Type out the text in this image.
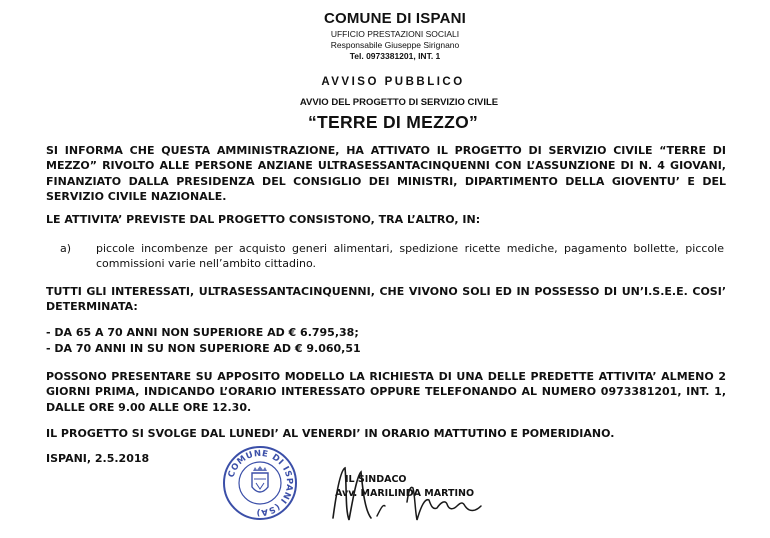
COMUNE DI ISPANI
UFFICIO PRESTAZIONI SOCIALI
Responsabile Giuseppe Sirignano
Tel. 0973381201, INT. 1
AVVISO PUBBLICO
AVVIO DEL PROGETTO DI SERVIZIO CIVILE
“TERRE DI MEZZO”
SI INFORMA CHE QUESTA AMMINISTRAZIONE, HA ATTIVATO IL PROGETTO DI SERVIZIO CIVILE “TERRE DI MEZZO” RIVOLTO ALLE PERSONE ANZIANE ULTRASESSANTACINQUENNI CON L’ASSUNZIONE DI N. 4 GIOVANI, FINANZIATO DALLA PRESIDENZA DEL CONSIGLIO DEI MINISTRI, DIPARTIMENTO DELLA GIOVENTU’ E DEL SERVIZIO CIVILE NAZIONALE.
LE ATTIVITA’ PREVISTE DAL PROGETTO CONSISTONO, TRA L’ALTRO, IN:
a) piccole incombenze per acquisto generi alimentari, spedizione ricette mediche, pagamento bollette, piccole commissioni varie nell’ambito cittadino.
TUTTI GLI INTERESSATI, ULTRASESSANTACINQUENNI, CHE VIVONO SOLI ED IN POSSESSO DI UN’I.S.E.E. COSI’ DETERMINATA:
- DA 65 A 70 ANNI NON SUPERIORE AD € 6.795,38;
- DA 70 ANNI IN SU NON SUPERIORE AD € 9.060,51
POSSONO PRESENTARE SU APPOSITO MODELLO LA RICHIESTA DI UNA DELLE PREDETTE ATTIVITA’ ALMENO 2 GIORNI PRIMA, INDICANDO L’ORARIO INTERESSATO OPPURE TELEFONANDO AL NUMERO 0973381201, INT. 1, DALLE ORE 9.00 ALLE ORE 12.30.
IL PROGETTO SI SVOLGE DAL LUNEDI’ AL VENERDI’ IN ORARIO MATTUTINO E POMERIDIANO.
ISPANI, 2.5.2018
COMUNE DI ISPANI (SA)
IL SINDACO
Avv. MARILINDA MARTINO
